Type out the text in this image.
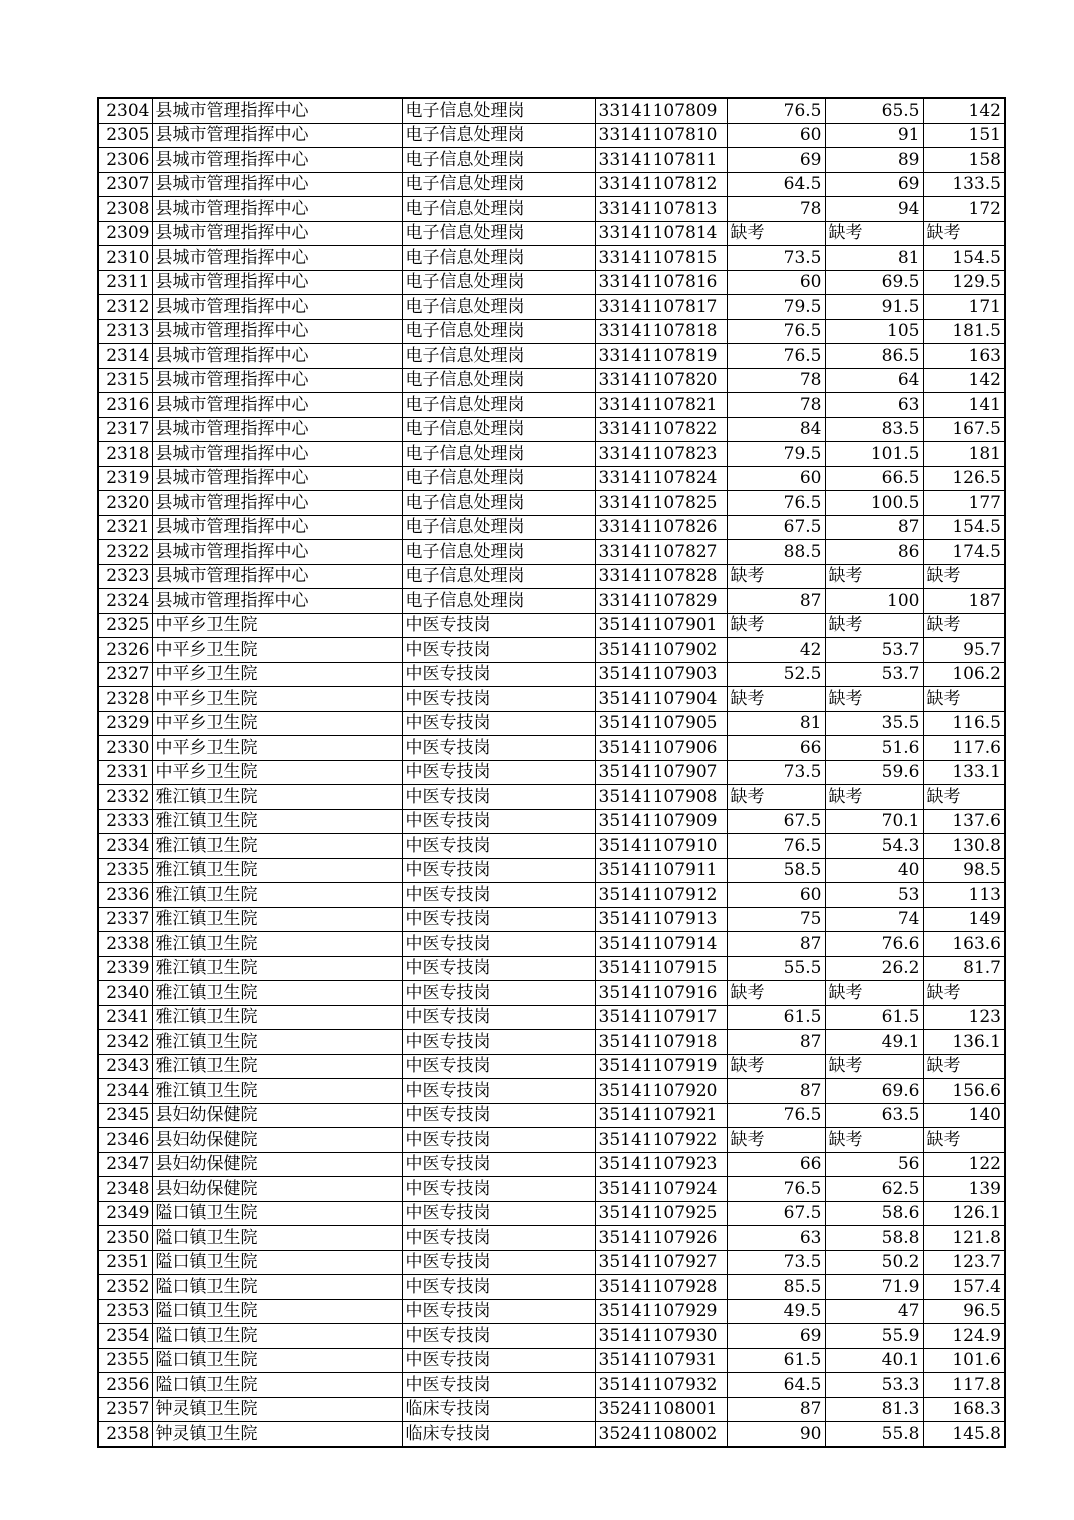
2304	县城市管理指挥中心	电子信息处理岗	33141107809	76.5	65.5	142
2305	县城市管理指挥中心	电子信息处理岗	33141107810	60	91	151
2306	县城市管理指挥中心	电子信息处理岗	33141107811	69	89	158
2307	县城市管理指挥中心	电子信息处理岗	33141107812	64.5	69	133.5
2308	县城市管理指挥中心	电子信息处理岗	33141107813	78	94	172
2309	县城市管理指挥中心	电子信息处理岗	33141107814	缺考	缺考	缺考
2310	县城市管理指挥中心	电子信息处理岗	33141107815	73.5	81	154.5
2311	县城市管理指挥中心	电子信息处理岗	33141107816	60	69.5	129.5
2312	县城市管理指挥中心	电子信息处理岗	33141107817	79.5	91.5	171
2313	县城市管理指挥中心	电子信息处理岗	33141107818	76.5	105	181.5
2314	县城市管理指挥中心	电子信息处理岗	33141107819	76.5	86.5	163
2315	县城市管理指挥中心	电子信息处理岗	33141107820	78	64	142
2316	县城市管理指挥中心	电子信息处理岗	33141107821	78	63	141
2317	县城市管理指挥中心	电子信息处理岗	33141107822	84	83.5	167.5
2318	县城市管理指挥中心	电子信息处理岗	33141107823	79.5	101.5	181
2319	县城市管理指挥中心	电子信息处理岗	33141107824	60	66.5	126.5
2320	县城市管理指挥中心	电子信息处理岗	33141107825	76.5	100.5	177
2321	县城市管理指挥中心	电子信息处理岗	33141107826	67.5	87	154.5
2322	县城市管理指挥中心	电子信息处理岗	33141107827	88.5	86	174.5
2323	县城市管理指挥中心	电子信息处理岗	33141107828	缺考	缺考	缺考
2324	县城市管理指挥中心	电子信息处理岗	33141107829	87	100	187
2325	中平乡卫生院	中医专技岗	35141107901	缺考	缺考	缺考
2326	中平乡卫生院	中医专技岗	35141107902	42	53.7	95.7
2327	中平乡卫生院	中医专技岗	35141107903	52.5	53.7	106.2
2328	中平乡卫生院	中医专技岗	35141107904	缺考	缺考	缺考
2329	中平乡卫生院	中医专技岗	35141107905	81	35.5	116.5
2330	中平乡卫生院	中医专技岗	35141107906	66	51.6	117.6
2331	中平乡卫生院	中医专技岗	35141107907	73.5	59.6	133.1
2332	雅江镇卫生院	中医专技岗	35141107908	缺考	缺考	缺考
2333	雅江镇卫生院	中医专技岗	35141107909	67.5	70.1	137.6
2334	雅江镇卫生院	中医专技岗	35141107910	76.5	54.3	130.8
2335	雅江镇卫生院	中医专技岗	35141107911	58.5	40	98.5
2336	雅江镇卫生院	中医专技岗	35141107912	60	53	113
2337	雅江镇卫生院	中医专技岗	35141107913	75	74	149
2338	雅江镇卫生院	中医专技岗	35141107914	87	76.6	163.6
2339	雅江镇卫生院	中医专技岗	35141107915	55.5	26.2	81.7
2340	雅江镇卫生院	中医专技岗	35141107916	缺考	缺考	缺考
2341	雅江镇卫生院	中医专技岗	35141107917	61.5	61.5	123
2342	雅江镇卫生院	中医专技岗	35141107918	87	49.1	136.1
2343	雅江镇卫生院	中医专技岗	35141107919	缺考	缺考	缺考
2344	雅江镇卫生院	中医专技岗	35141107920	87	69.6	156.6
2345	县妇幼保健院	中医专技岗	35141107921	76.5	63.5	140
2346	县妇幼保健院	中医专技岗	35141107922	缺考	缺考	缺考
2347	县妇幼保健院	中医专技岗	35141107923	66	56	122
2348	县妇幼保健院	中医专技岗	35141107924	76.5	62.5	139
2349	隘口镇卫生院	中医专技岗	35141107925	67.5	58.6	126.1
2350	隘口镇卫生院	中医专技岗	35141107926	63	58.8	121.8
2351	隘口镇卫生院	中医专技岗	35141107927	73.5	50.2	123.7
2352	隘口镇卫生院	中医专技岗	35141107928	85.5	71.9	157.4
2353	隘口镇卫生院	中医专技岗	35141107929	49.5	47	96.5
2354	隘口镇卫生院	中医专技岗	35141107930	69	55.9	124.9
2355	隘口镇卫生院	中医专技岗	35141107931	61.5	40.1	101.6
2356	隘口镇卫生院	中医专技岗	35141107932	64.5	53.3	117.8
2357	钟灵镇卫生院	临床专技岗	35241108001	87	81.3	168.3
2358	钟灵镇卫生院	临床专技岗	35241108002	90	55.8	145.8
